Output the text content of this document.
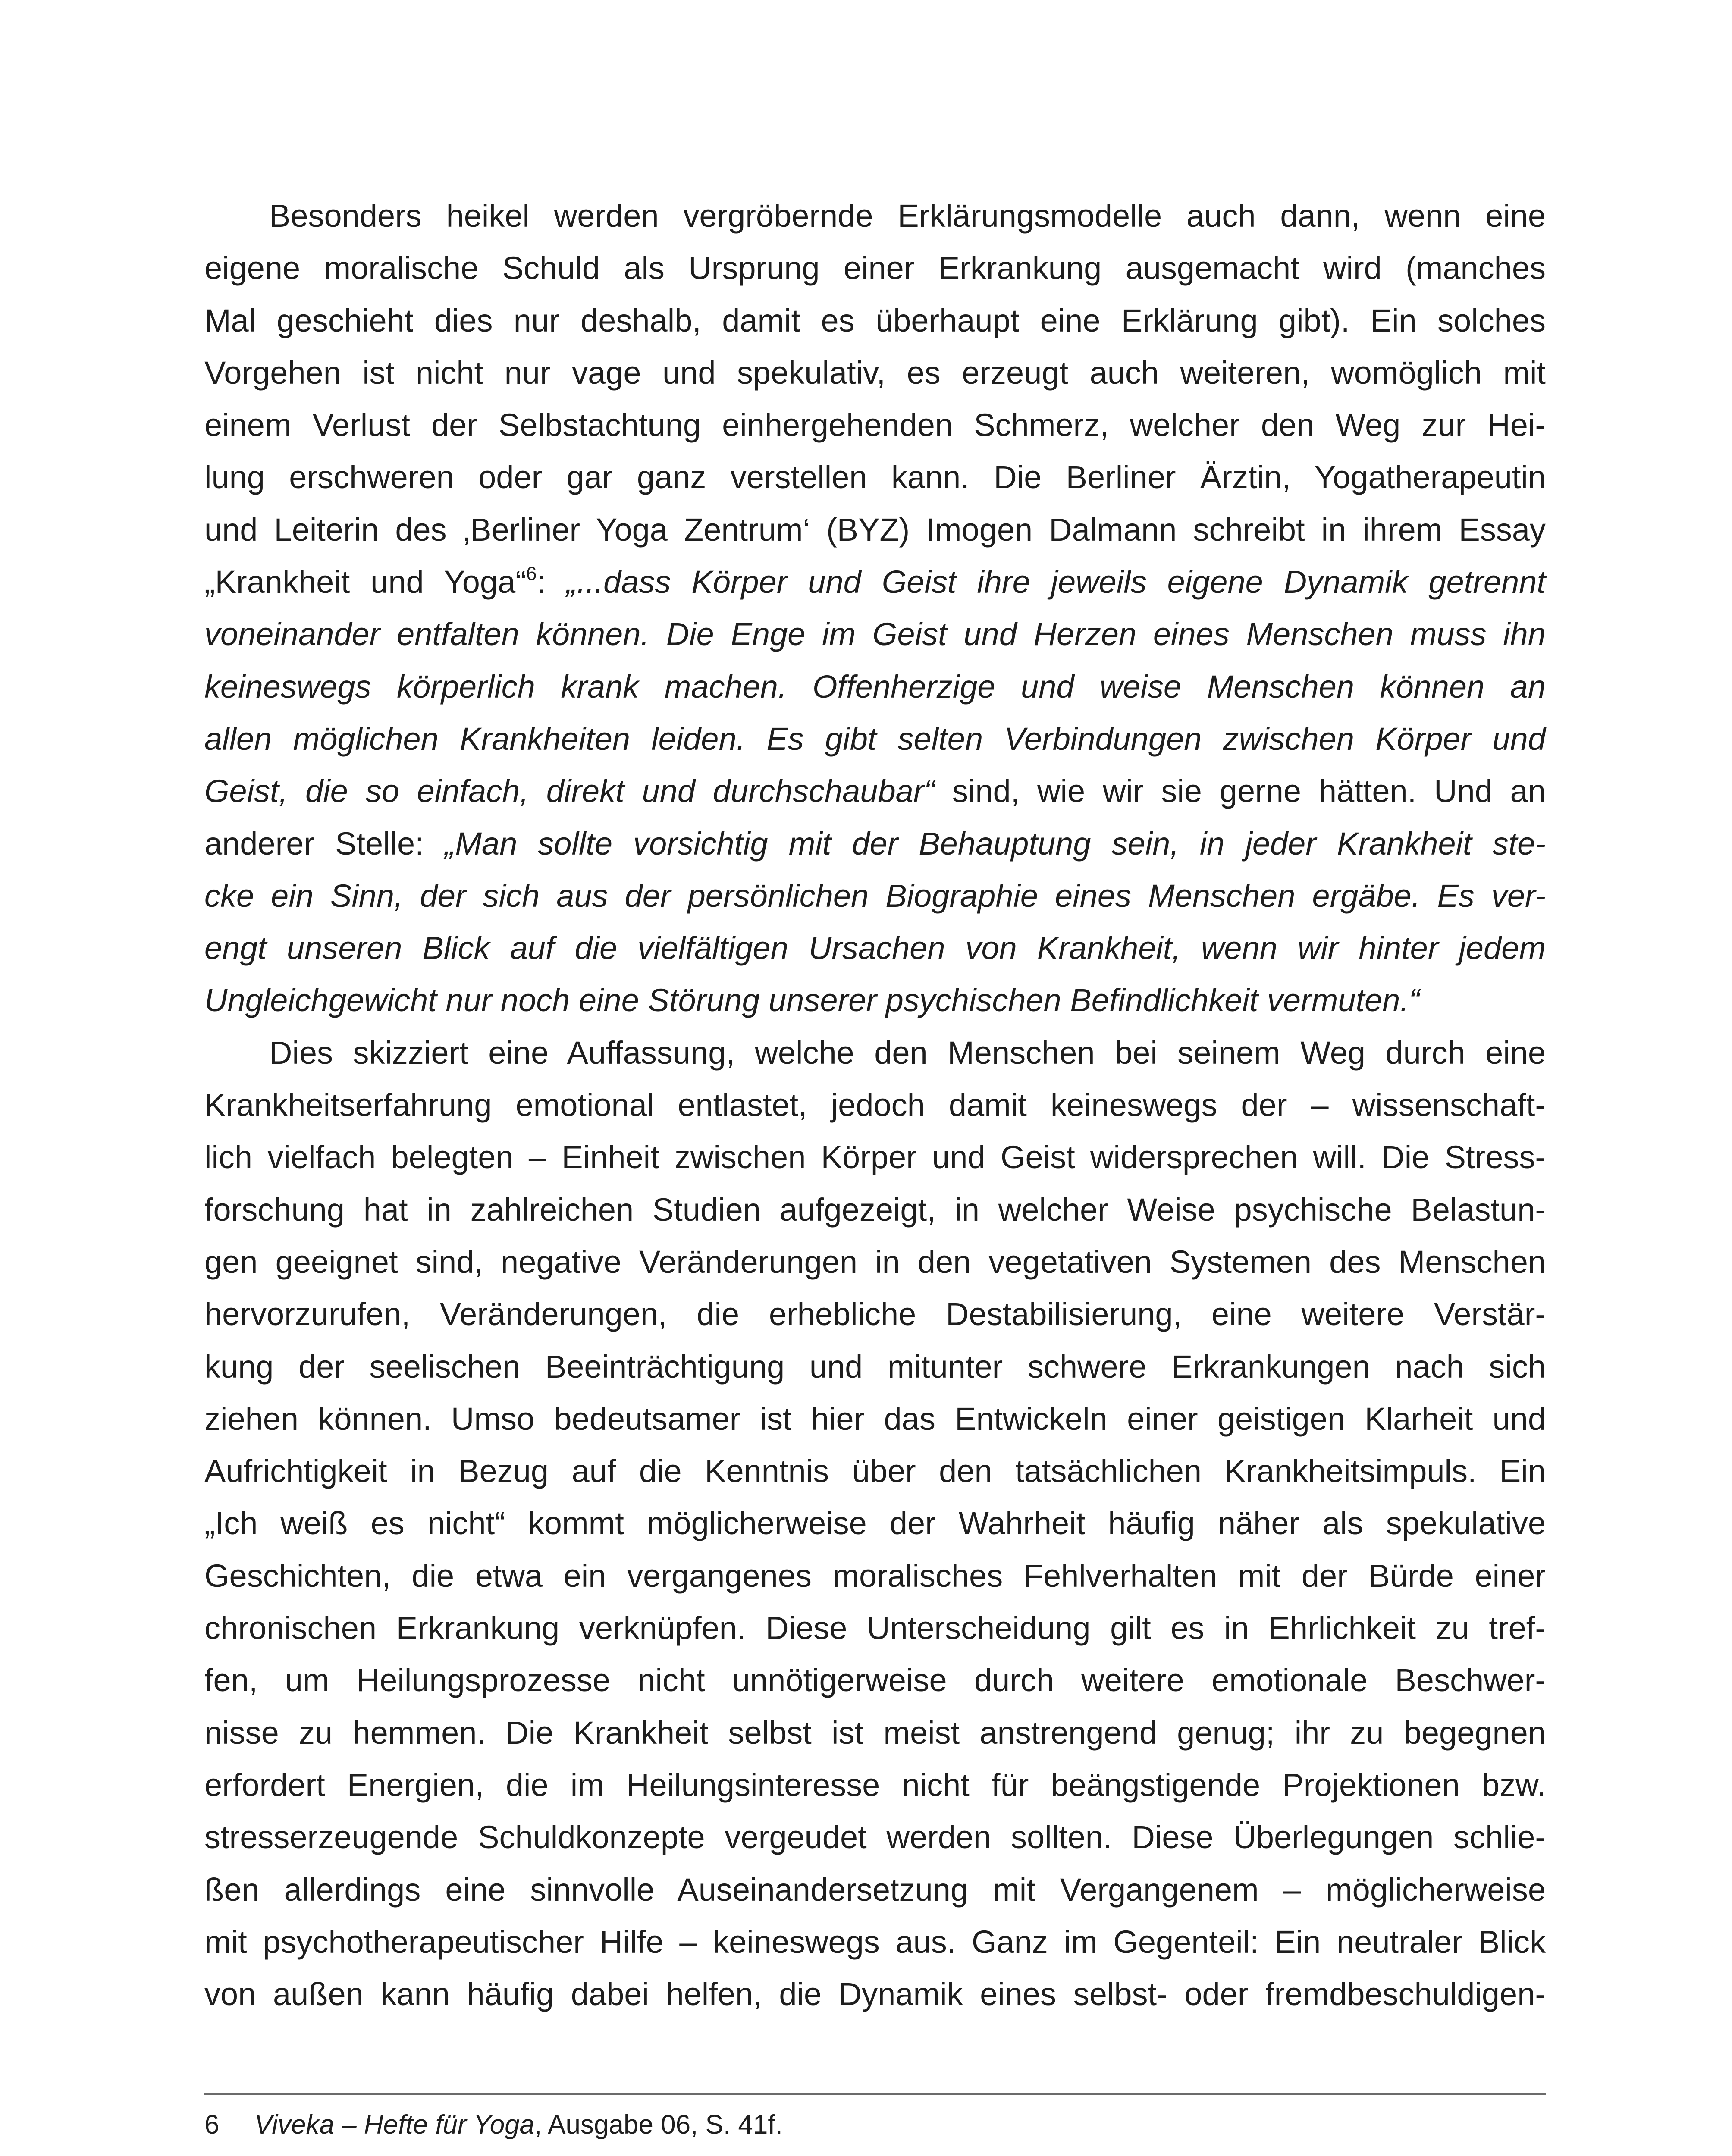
Besonders heikel werden vergröbernde Erklärungsmodelle auch dann, wenn eine
eigene moralische Schuld als Ursprung einer Erkrankung ausgemacht wird (manches
Mal geschieht dies nur deshalb, damit es überhaupt eine Erklärung gibt). Ein solches
Vorgehen ist nicht nur vage und spekulativ, es erzeugt auch weiteren, womöglich mit
einem Verlust der Selbstachtung einhergehenden Schmerz, welcher den Weg zur Hei-
lung erschweren oder gar ganz verstellen kann. Die Berliner Ärztin, Yogatherapeutin
und Leiterin des ‚Berliner Yoga Zentrum‘ (BYZ) Imogen Dalmann schreibt in ihrem Essay
„Krankheit und Yoga“$^6$: „...dass Körper und Geist ihre jeweils eigene Dynamik getrennt
voneinander entfalten können. Die Enge im Geist und Herzen eines Menschen muss ihn
keineswegs körperlich krank machen. Offenherzige und weise Menschen können an
allen möglichen Krankheiten leiden. Es gibt selten Verbindungen zwischen Körper und
Geist, die so einfach, direkt und durchschaubar“ sind, wie wir sie gerne hätten. Und an
anderer Stelle: „Man sollte vorsichtig mit der Behauptung sein, in jeder Krankheit ste-
cke ein Sinn, der sich aus der persönlichen Biographie eines Menschen ergäbe. Es ver-
engt unseren Blick auf die vielfältigen Ursachen von Krankheit, wenn wir hinter jedem
Ungleichgewicht nur noch eine Störung unserer psychischen Befindlichkeit vermuten.“
Dies skizziert eine Auffassung, welche den Menschen bei seinem Weg durch eine
Krankheitserfahrung emotional entlastet, jedoch damit keineswegs der – wissenschaft-
lich vielfach belegten – Einheit zwischen Körper und Geist widersprechen will. Die Stress-
forschung hat in zahlreichen Studien aufgezeigt, in welcher Weise psychische Belastun-
gen geeignet sind, negative Veränderungen in den vegetativen Systemen des Menschen
hervorzurufen, Veränderungen, die erhebliche Destabilisierung, eine weitere Verstär-
kung der seelischen Beeinträchtigung und mitunter schwere Erkrankungen nach sich
ziehen können. Umso bedeutsamer ist hier das Entwickeln einer geistigen Klarheit und
Aufrichtigkeit in Bezug auf die Kenntnis über den tatsächlichen Krankheitsimpuls. Ein
„Ich weiß es nicht“ kommt möglicherweise der Wahrheit häufig näher als spekulative
Geschichten, die etwa ein vergangenes moralisches Fehlverhalten mit der Bürde einer
chronischen Erkrankung verknüpfen. Diese Unterscheidung gilt es in Ehrlichkeit zu tref-
fen, um Heilungsprozesse nicht unnötigerweise durch weitere emotionale Beschwer-
nisse zu hemmen. Die Krankheit selbst ist meist anstrengend genug; ihr zu begegnen
erfordert Energien, die im Heilungsinteresse nicht für beängstigende Projektionen bzw.
stresserzeugende Schuldkonzepte vergeudet werden sollten. Diese Überlegungen schlie-
ßen allerdings eine sinnvolle Auseinandersetzung mit Vergangenem – möglicherweise
mit psychotherapeutischer Hilfe – keineswegs aus. Ganz im Gegenteil: Ein neutraler Blick
von außen kann häufig dabei helfen, die Dynamik eines selbst- oder fremdbeschuldigen-
6 Viveka – Hefte für Yoga, Ausgabe 06, S. 41f.
